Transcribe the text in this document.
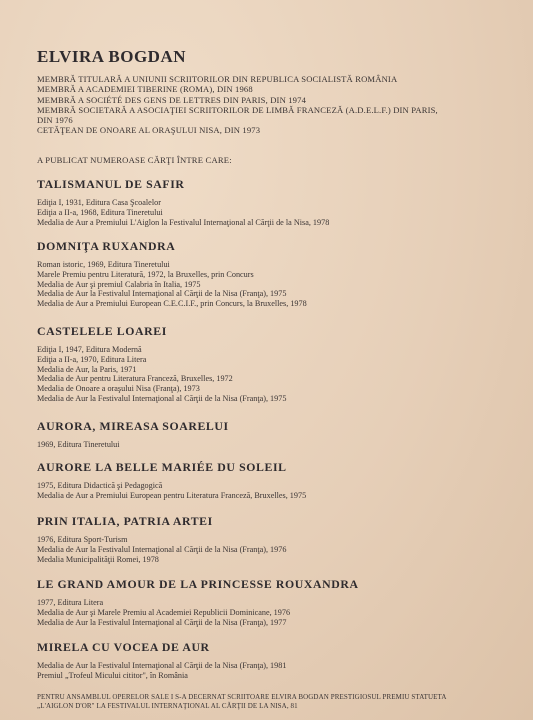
ELVIRA BOGDAN
MEMBRĂ TITULARĂ A UNIUNII SCRIITORILOR DIN REPUBLICA SOCIALISTĂ ROMÂNIA
MEMBRĂ A ACADEMIEI TIBERINE (ROMA), DIN 1968
MEMBRĂ A SOCIÉTÉ DES GENS DE LETTRES DIN PARIS, DIN 1974
MEMBRĂ SOCIETARĂ A ASOCIAŢIEI SCRIITORILOR DE LIMBĂ FRANCEZĂ (A.D.E.L.F.) DIN PARIS,
DIN 1976
CETĂŢEAN DE ONOARE AL ORAŞULUI NISA, DIN 1973
A PUBLICAT NUMEROASE CĂRŢI ÎNTRE CARE:
TALISMANUL DE SAFIR
Ediţia I, 1931, Editura Casa Şcoalelor
Ediţia a II-a, 1968, Editura Tineretului
Medalia de Aur a Premiului L'Aiglon la Festivalul Internaţional al Cărţii de la Nisa, 1978
DOMNIŢA RUXANDRA
Roman istoric, 1969, Editura Tineretului
Marele Premiu pentru Literatură, 1972, la Bruxelles, prin Concurs
Medalia de Aur şi premiul Calabria în Italia, 1975
Medalia de Aur la Festivalul Internaţional al Cărţii de la Nisa (Franţa), 1975
Medalia de Aur a Premiului European C.E.C.I.F., prin Concurs, la Bruxelles, 1978
CASTELELE LOAREI
Ediţia I, 1947, Editura Modernă
Ediţia a II-a, 1970, Editura Litera
Medalia de Aur, la Paris, 1971
Medalia de Aur pentru Literatura Franceză, Bruxelles, 1972
Medalia de Onoare a oraşului Nisa (Franţa), 1973
Medalia de Aur la Festivalul Internaţional al Cărţii de la Nisa (Franţa), 1975
AURORA, MIREASA SOARELUI
1969, Editura Tineretului
AURORE LA BELLE MARIÉE DU SOLEIL
1975, Editura Didactică şi Pedagogică
Medalia de Aur a Premiului European pentru Literatura Franceză, Bruxelles, 1975
PRIN ITALIA, PATRIA ARTEI
1976, Editura Sport-Turism
Medalia de Aur la Festivalul Internaţional al Cărţii de la Nisa (Franţa), 1976
Medalia Municipalităţii Romei, 1978
LE GRAND AMOUR DE LA PRINCESSE ROUXANDRA
1977, Editura Litera
Medalia de Aur şi Marele Premiu al Academiei Republicii Dominicane, 1976
Medalia de Aur la Festivalul Internaţional al Cărţii de la Nisa (Franţa), 1977
MIRELA CU VOCEA DE AUR
Medalia de Aur la Festivalul Internaţional al Cărţii de la Nisa (Franţa), 1981
Premiul „Trofeul Micului cititor", în România
PENTRU ANSAMBLUL OPERELOR SALE I S-A DECERNAT SCRIITOARE ELVIRA BOGDAN PRESTIGIOSUL PREMIU STATUETA
„L'AIGLON D'OR" LA FESTIVALUL INTERNAŢIONAL AL CĂRŢII DE LA NISA, 81
